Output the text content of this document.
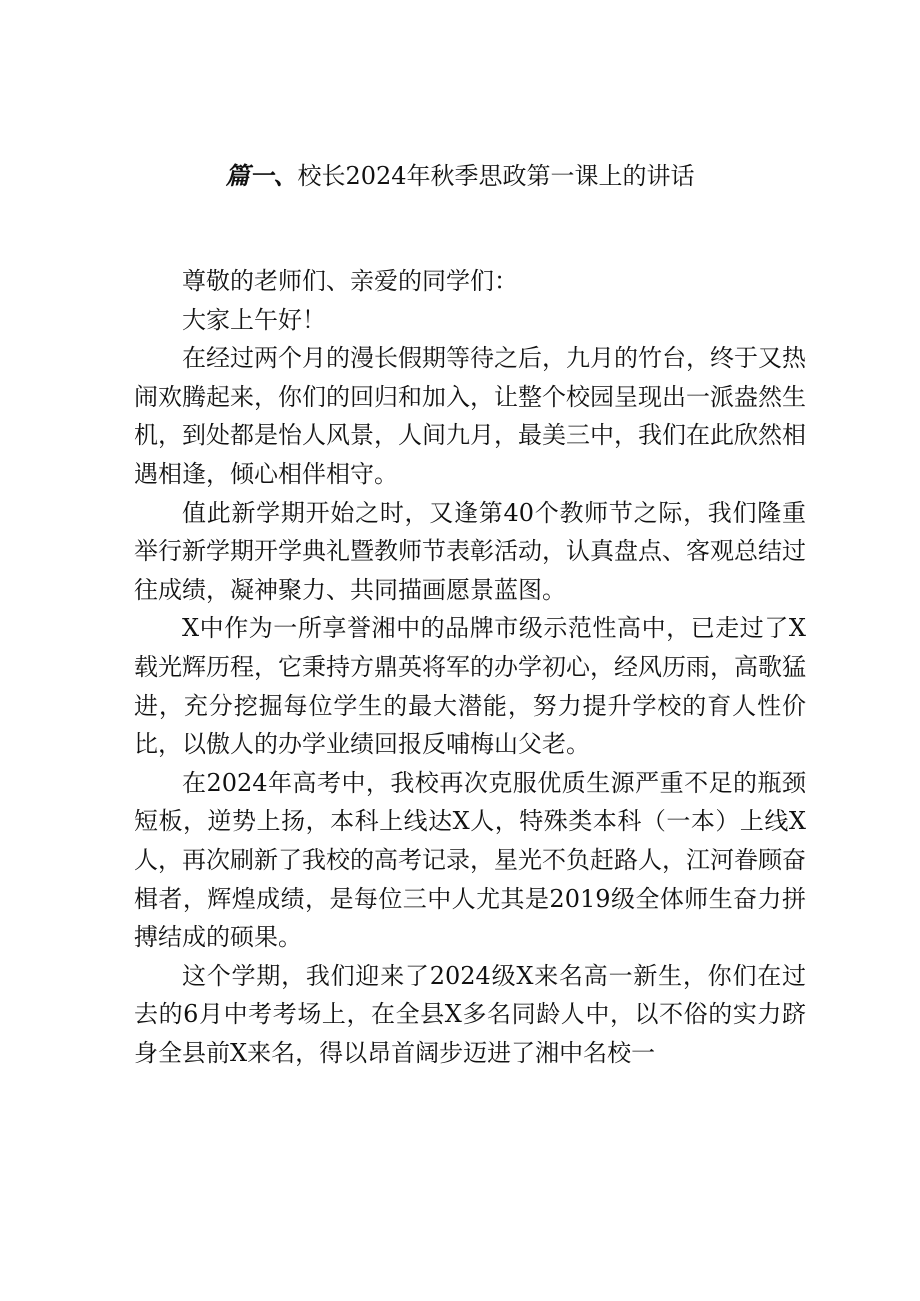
篇一、校长2024年秋季思政第一课上的讲话

尊敬的老师们、亲爱的同学们：

大家上午好！

在经过两个月的漫长假期等待之后，九月的竹台，终于又热闹欢腾起来，你们的回归和加入，让整个校园呈现出一派盎然生机，到处都是怡人风景，人间九月，最美三中，我们在此欣然相遇相逢，倾心相伴相守。

值此新学期开始之时，又逢第40个教师节之际，我们隆重举行新学期开学典礼暨教师节表彰活动，认真盘点、客观总结过往成绩，凝神聚力、共同描画愿景蓝图。

X中作为一所享誉湘中的品牌市级示范性高中，已走过了X载光辉历程，它秉持方鼎英将军的办学初心，经风历雨，高歌猛进，充分挖掘每位学生的最大潜能，努力提升学校的育人性价比，以傲人的办学业绩回报反哺梅山父老。

在2024年高考中，我校再次克服优质生源严重不足的瓶颈短板，逆势上扬，本科上线达X人，特殊类本科（一本）上线X人，再次刷新了我校的高考记录，星光不负赶路人，江河眷顾奋楫者，辉煌成绩，是每位三中人尤其是2019级全体师生奋力拼搏结成的硕果。

这个学期，我们迎来了2024级X来名高一新生，你们在过去的6月中考考场上，在全县X多名同龄人中，以不俗的实力跻身全县前X来名，得以昂首阔步迈进了湘中名校一
